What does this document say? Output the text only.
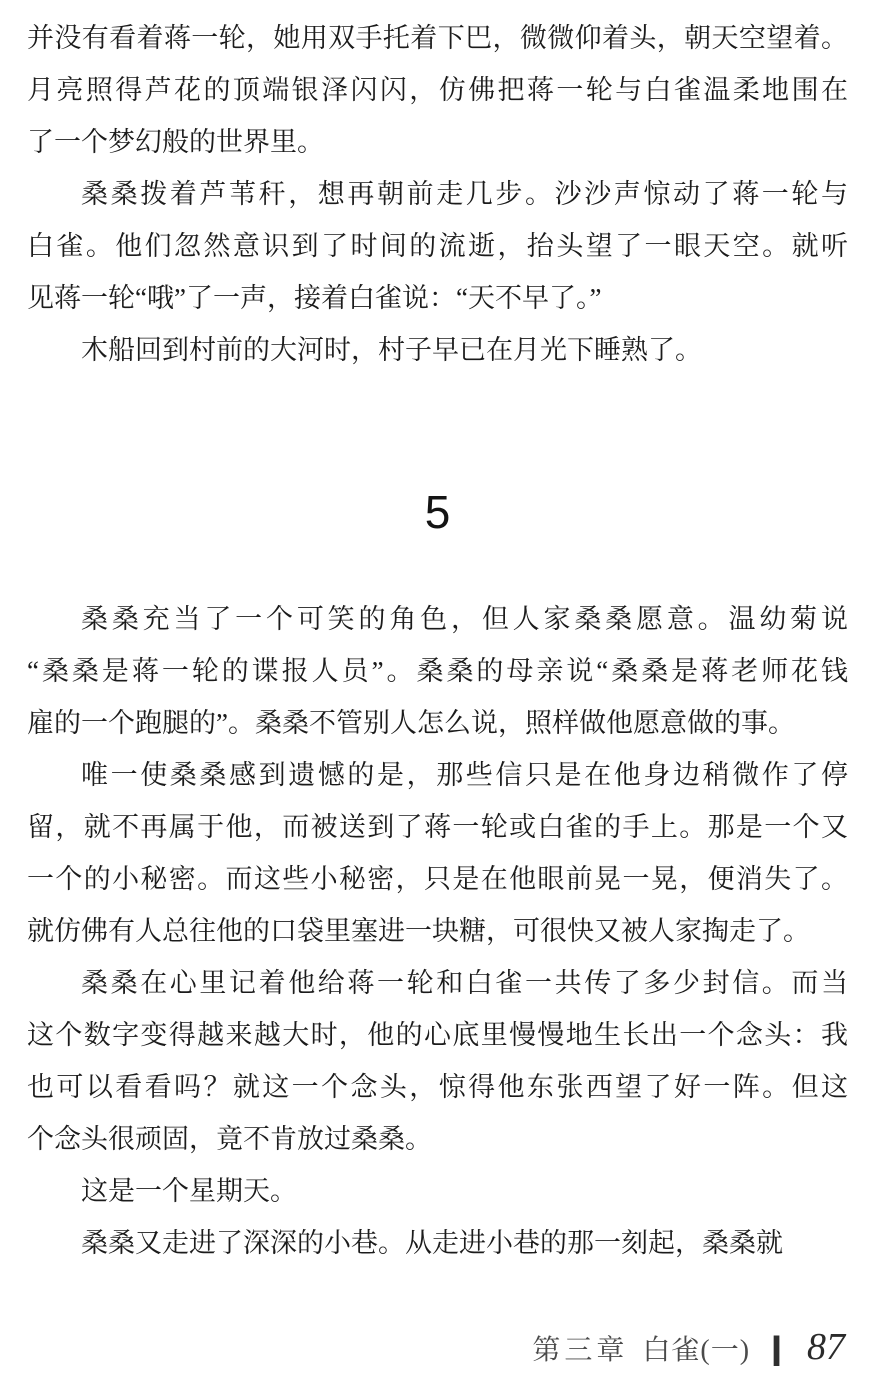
并没有看着蒋一轮，她用双手托着下巴，微微仰着头，朝天空望着。
月亮照得芦花的顶端银泽闪闪，仿佛把蒋一轮与白雀温柔地围在
了一个梦幻般的世界里。
桑桑拨着芦苇秆，想再朝前走几步。沙沙声惊动了蒋一轮与
白雀。他们忽然意识到了时间的流逝，抬头望了一眼天空。就听
见蒋一轮“哦”了一声，接着白雀说：“天不早了。”
木船回到村前的大河时，村子早已在月光下睡熟了。
5
桑桑充当了一个可笑的角色，但人家桑桑愿意。温幼菊说
“桑桑是蒋一轮的谍报人员”。桑桑的母亲说“桑桑是蒋老师花钱
雇的一个跑腿的”。桑桑不管别人怎么说，照样做他愿意做的事。
唯一使桑桑感到遗憾的是，那些信只是在他身边稍微作了停
留，就不再属于他，而被送到了蒋一轮或白雀的手上。那是一个又
一个的小秘密。而这些小秘密，只是在他眼前晃一晃，便消失了。
就仿佛有人总往他的口袋里塞进一块糖，可很快又被人家掏走了。
桑桑在心里记着他给蒋一轮和白雀一共传了多少封信。而当
这个数字变得越来越大时，他的心底里慢慢地生长出一个念头：我
也可以看看吗？就这一个念头，惊得他东张西望了好一阵。但这
个念头很顽固，竟不肯放过桑桑。
这是一个星期天。
桑桑又走进了深深的小巷。从走进小巷的那一刻起，桑桑就
第三章 白雀(一) | 87
